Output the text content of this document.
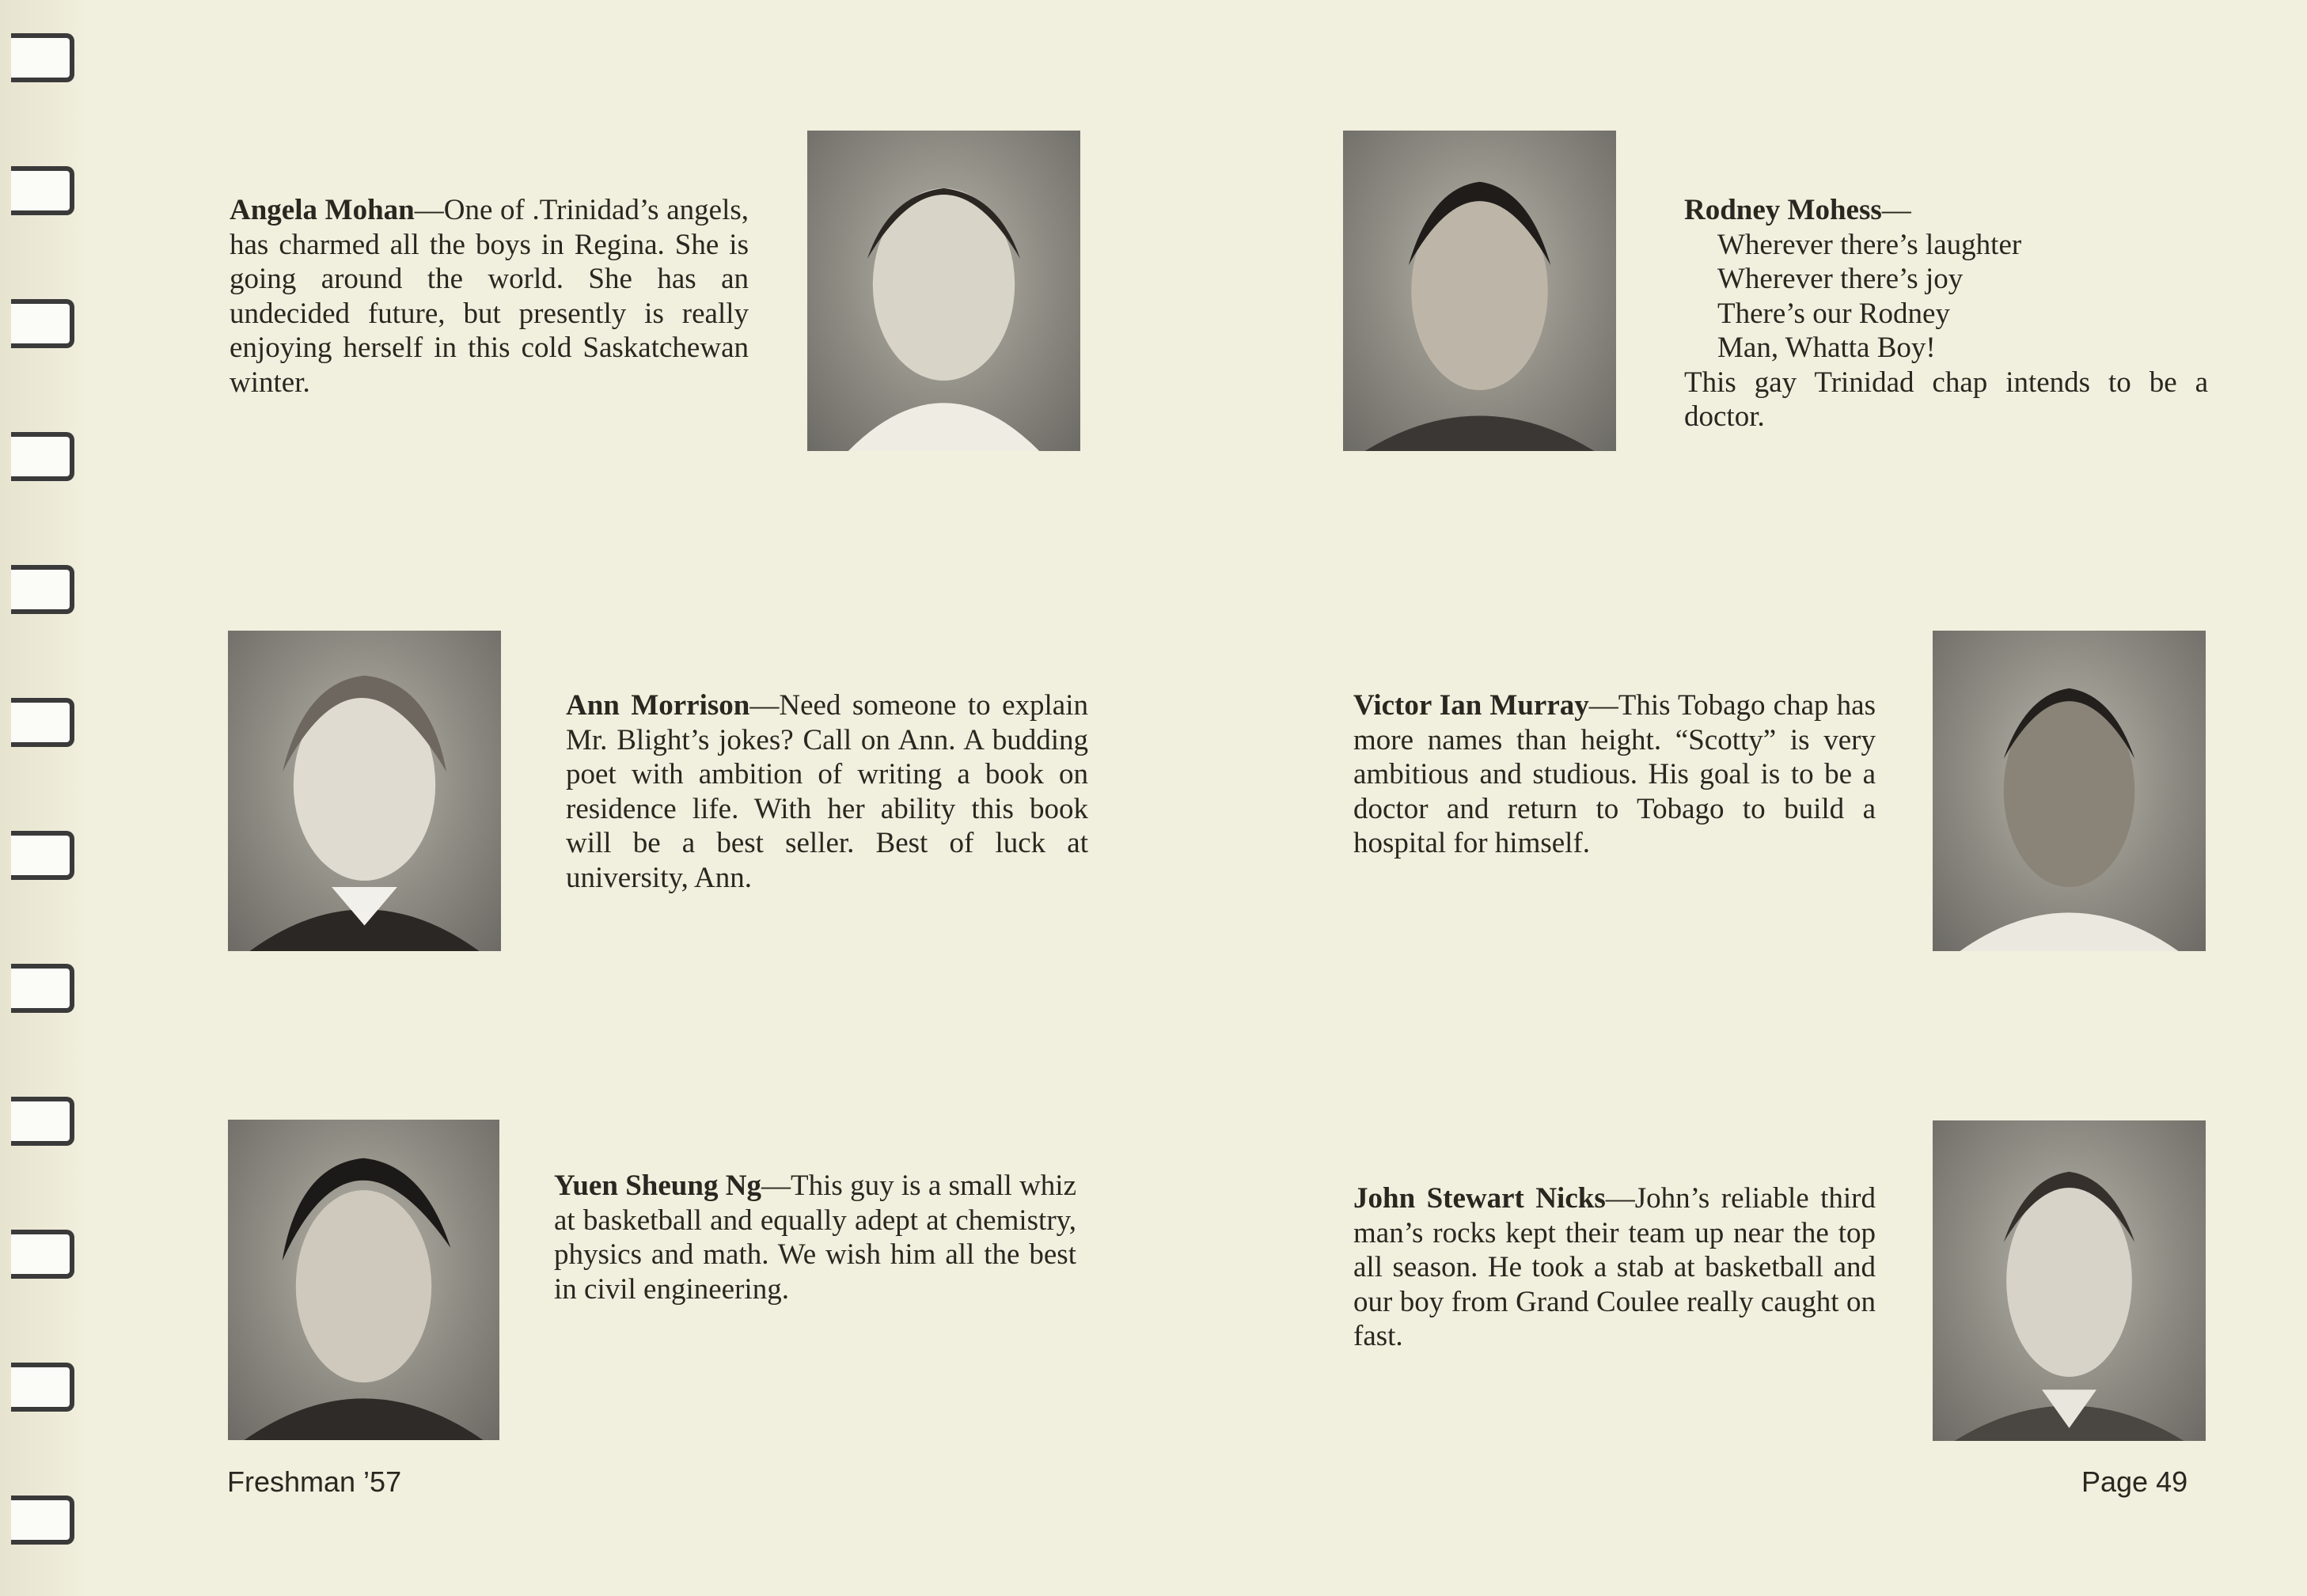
Angela Mohan—One of .Trinidad’s angels, has charmed all the boys in Regina. She is going around the world. She has an undecided future, but presently is really enjoying herself in this cold Saskatchewan winter.
Rodney Mohess—
Wherever there’s laughter
Wherever there’s joy
There’s our Rodney
Man, Whatta Boy!
This gay Trinidad chap intends to be a doctor.
Ann Morrison—Need someone to explain Mr. Blight’s jokes? Call on Ann. A budding poet with ambition of writing a book on residence life. With her ability this book will be a best seller. Best of luck at university, Ann.
Victor Ian Murray—This Tobago chap has more names than height. “Scotty” is very ambitious and studious. His goal is to be a doctor and return to Tobago to build a hospital for himself.
Yuen Sheung Ng—This guy is a small whiz at basketball and equally adept at chemistry, physics and math. We wish him all the best in civil engineering.
John Stewart Nicks—John’s reliable third man’s rocks kept their team up near the top all season. He took a stab at basketball and our boy from Grand Coulee really caught on fast.
Freshman ’57	Page 49
